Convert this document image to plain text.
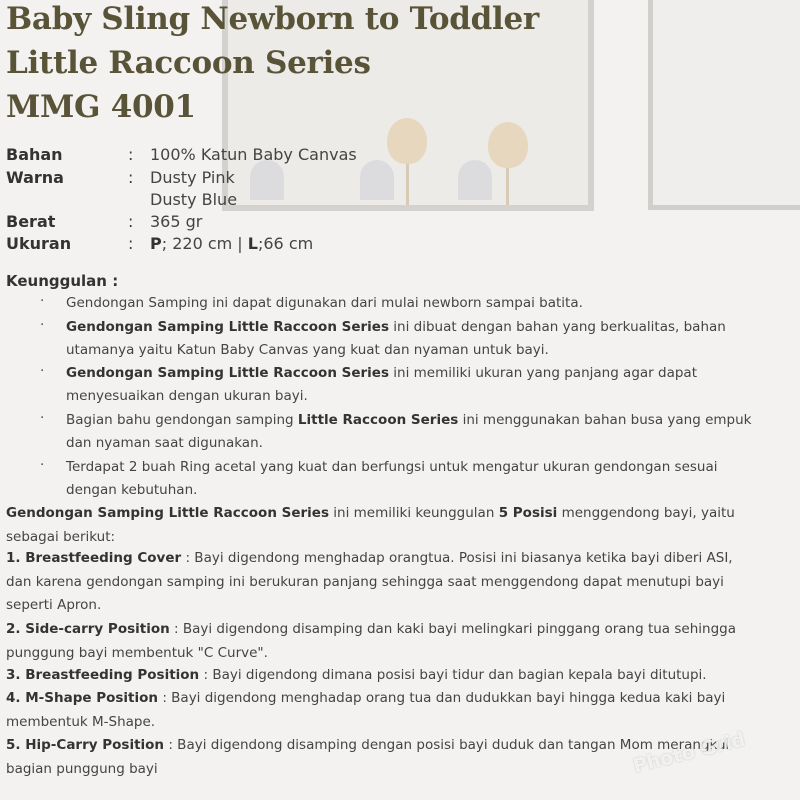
Baby Sling Newborn to Toddler
Little Raccoon Series
MMG 4001
Bahan	: 100% Katun Baby Canvas
Warna	: Dusty Pink
Dusty Blue
Berat	: 365 gr
Ukuran	: P; 220 cm | L;66 cm
Keunggulan :
· Gendongan Samping ini dapat digunakan dari mulai newborn sampai batita.
· Gendongan Samping Little Raccoon Series ini dibuat dengan bahan yang berkualitas, bahan
utamanya yaitu Katun Baby Canvas yang kuat dan nyaman untuk bayi.
· Gendongan Samping Little Raccoon Series ini memiliki ukuran yang panjang agar dapat
menyesuaikan dengan ukuran bayi.
· Bagian bahu gendongan samping Little Raccoon Series ini menggunakan bahan busa yang empuk
dan nyaman saat digunakan.
· Terdapat 2 buah Ring acetal yang kuat dan berfungsi untuk mengatur ukuran gendongan sesuai
dengan kebutuhan.
Gendongan Samping Little Raccoon Series ini memiliki keunggulan 5 Posisi menggendong bayi, yaitu
sebagai berikut:
1. Breastfeeding Cover : Bayi digendong menghadap orangtua. Posisi ini biasanya ketika bayi diberi ASI,
dan karena gendongan samping ini berukuran panjang sehingga saat menggendong dapat menutupi bayi
seperti Apron.
2. Side-carry Position : Bayi digendong disamping dan kaki bayi melingkari pinggang orang tua sehingga
punggung bayi membentuk "C Curve".
3. Breastfeeding Position : Bayi digendong dimana posisi bayi tidur dan bagian kepala bayi ditutupi.
4. M-Shape Position : Bayi digendong menghadap orang tua dan dudukkan bayi hingga kedua kaki bayi
membentuk M-Shape.
5. Hip-Carry Position : Bayi digendong disamping dengan posisi bayi duduk dan tangan Mom merangkul
bagian punggung bayi	Photo Grid
